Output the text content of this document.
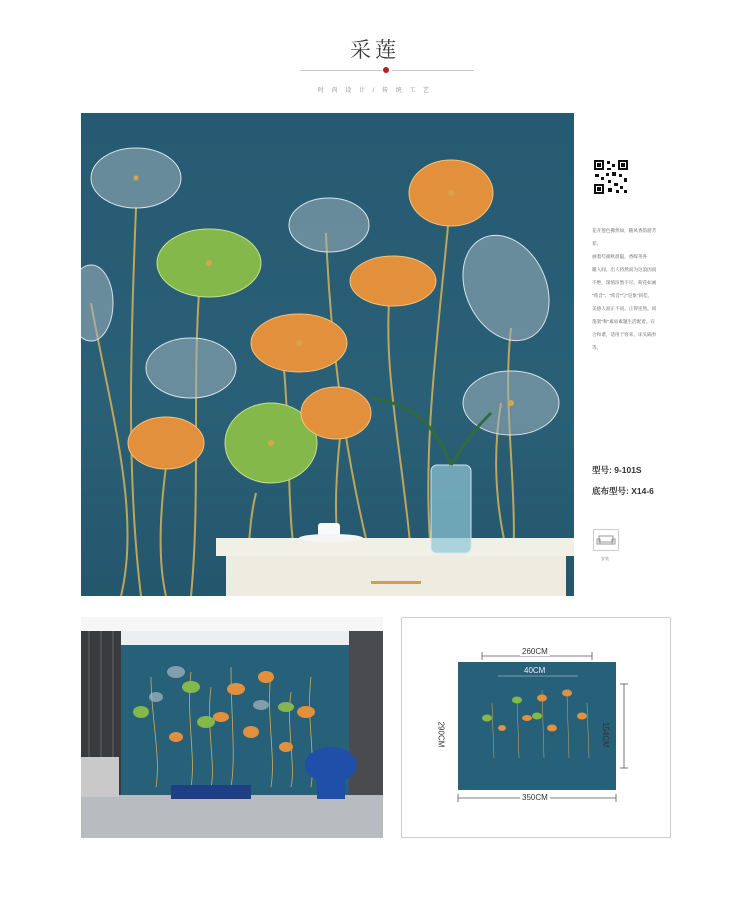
采莲
时 尚 设 计 / 传 统 工 艺
花开莲色佛然如，随风香韵游芳菲。
画着芍颜秋晨隐，香晖英各
暖人间。出人将然而为这浪因而
不绝，深情渲然不尽。荷花如画
"希音"、"希音"与"是象"同佳，
美感人而正不同。正得连然。同
蓬架"和"素易素题生活配着。在
合和谐，适用于客来、床头隔券
等。
型号: 9-101S
底布型号: X14-6
安装
260CM
40CM
154CM
290CM
350CM
